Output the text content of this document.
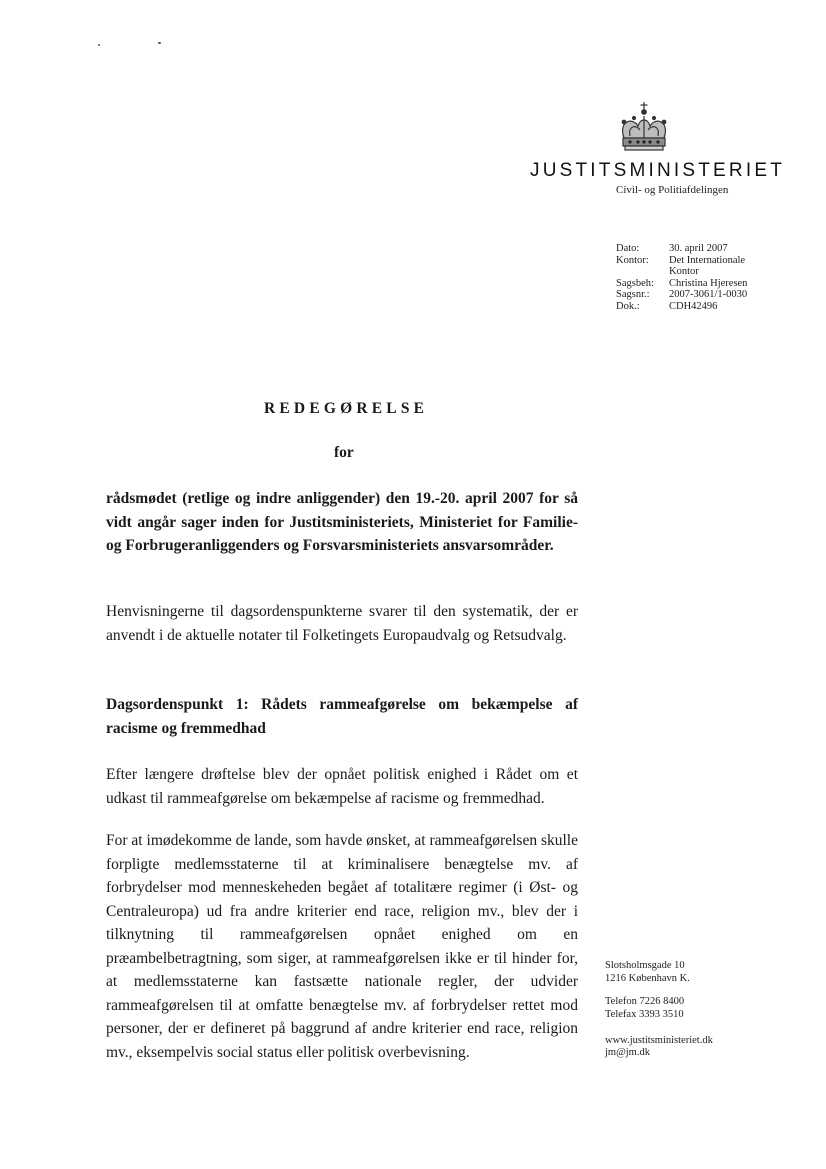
JUSTITSMINISTERIET
Civil- og Politiafdelingen
Dato:	30. april 2007
Kontor:	Det Internationale Kontor
Sagsbeh:	Christina Hjeresen
Sagsnr.:	2007-3061/1-0030
Dok.:	CDH42496
REDEGØRELSE
for

rådsmødet (retlige og indre anliggender) den 19.-20. april 2007 for så vidt angår sager inden for Justitsministeriets, Ministeriet for Familie- og Forbrugeranliggenders og Forsvarsministeriets ansvarsområder.

Henvisningerne til dagsordenspunkterne svarer til den systematik, der er anvendt i de aktuelle notater til Folketingets Europaudvalg og Retsudvalg.

Dagsordenspunkt 1: Rådets rammeafgørelse om bekæmpelse af racisme og fremmedhad

Efter længere drøftelse blev der opnået politisk enighed i Rådet om et udkast til rammeafgørelse om bekæmpelse af racisme og fremmedhad.

For at imødekomme de lande, som havde ønsket, at rammeafgørelsen skulle forpligte medlemsstaterne til at kriminalisere benægtelse mv. af forbrydelser mod menneskeheden begået af totalitære regimer (i Øst- og Centraleuropa) ud fra andre kriterier end race, religion mv., blev der i tilknytning til rammeafgørelsen opnået enighed om en præambelbetragtning, som siger, at rammeafgørelsen ikke er til hinder for, at medlemsstaterne kan fastsætte nationale regler, der udvider rammeafgørelsen til at omfatte benægtelse mv. af forbrydelser rettet mod personer, der er defineret på baggrund af andre kriterier end race, religion mv., eksempelvis social status eller politisk overbevisning.

Slotsholmsgade 10
1216 København K.
Telefon 7226 8400
Telefax 3393 3510
www.justitsministeriet.dk
jm@jm.dk
